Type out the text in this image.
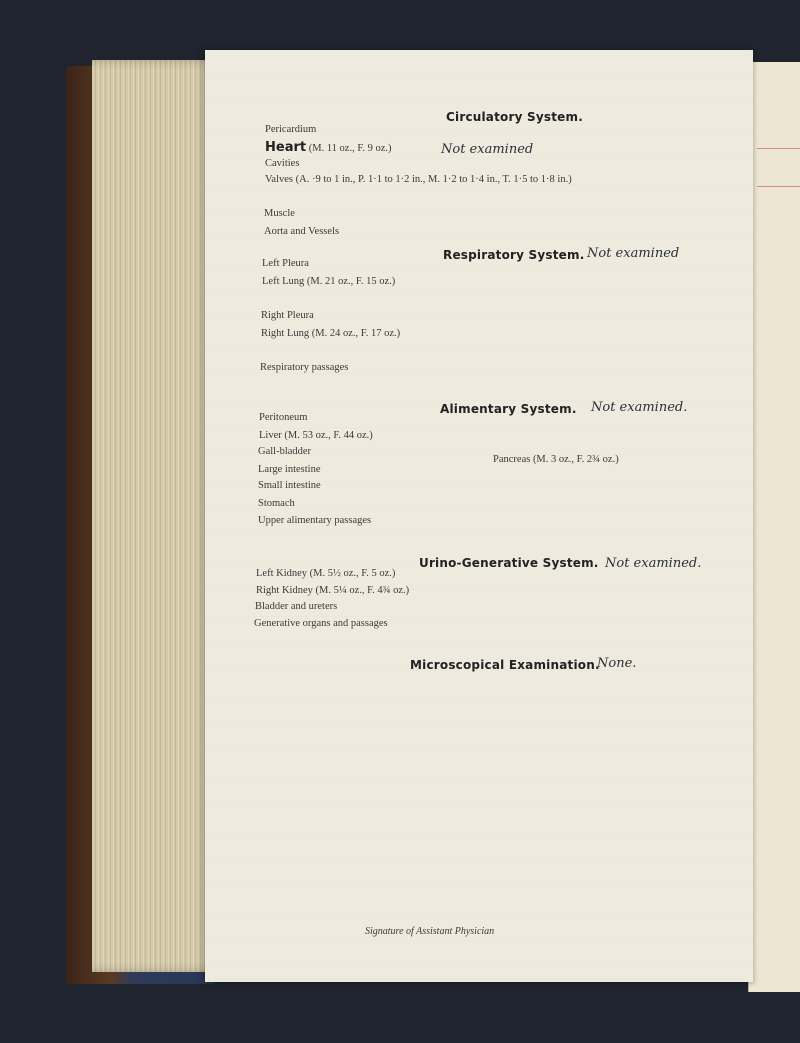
Circulatory System.
Pericardium
Heart (M. 11 oz., F. 9 oz.)	Not examined
Cavities
Valves (A. ·9 to 1 in., P. 1·1 to 1·2 in., M. 1·2 to 1·4 in., T. 1·5 to 1·8 in.)
Muscle
Aorta and Vessels
Respiratory System. Not examined
Left Pleura
Left Lung (M. 21 oz., F. 15 oz.)
Right Pleura
Right Lung (M. 24 oz., F. 17 oz.)
Respiratory passages
Alimentary System. Not examined.
Peritoneum
Liver (M. 53 oz., F. 44 oz.)
Gall-bladder
Pancreas (M. 3 oz., F. 2¾ oz.)
Large intestine
Small intestine
Stomach
Upper alimentary passages
Urino-Generative System. Not examined.
Left Kidney (M. 5½ oz., F. 5 oz.)
Right Kidney (M. 5¼ oz., F. 4¾ oz.)
Bladder and ureters
Generative organs and passages
Microscopical Examination.
None.
Signature of Assistant Physician
